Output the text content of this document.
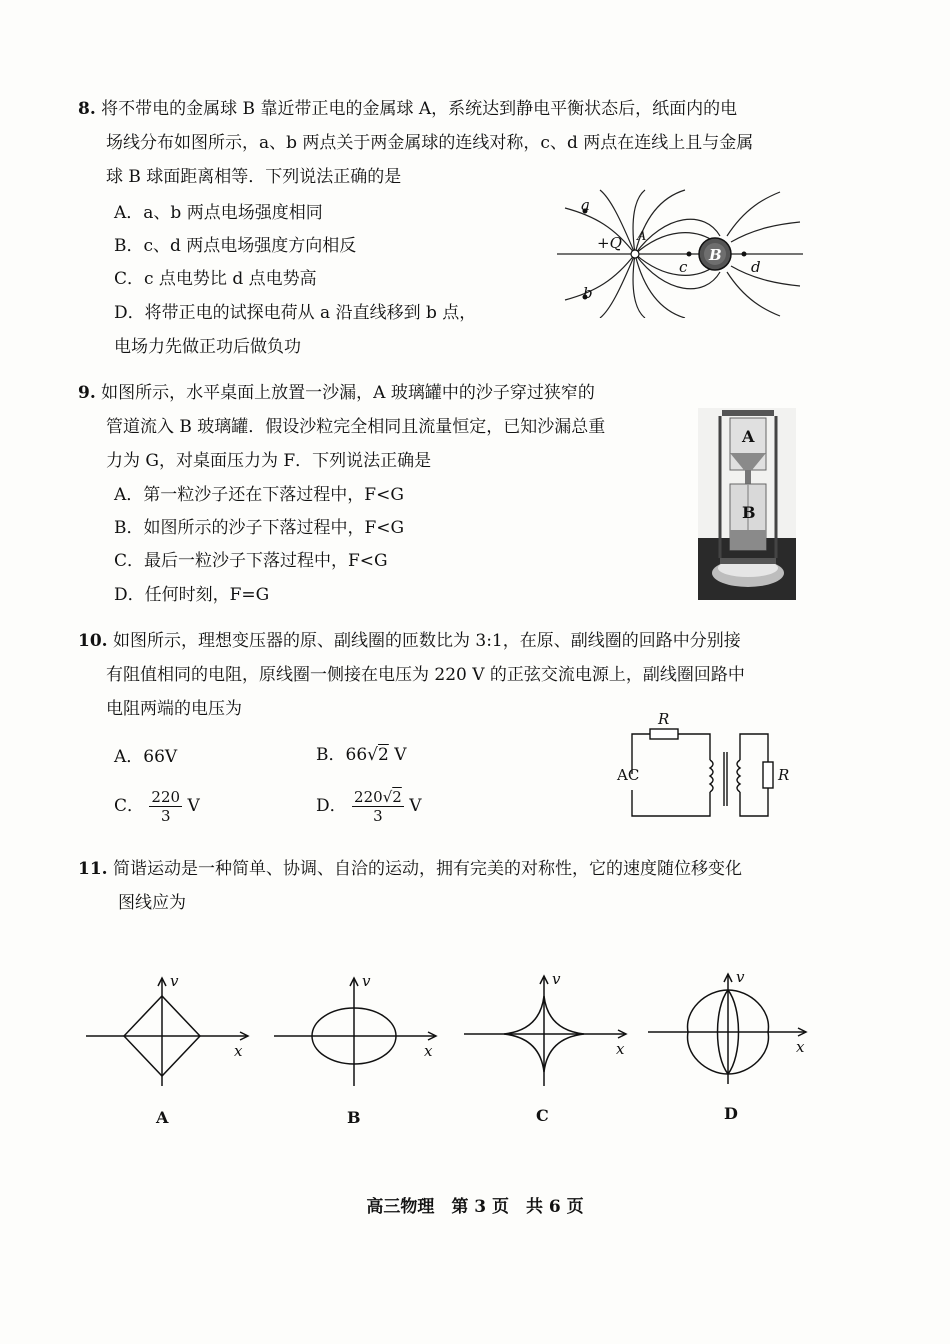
8. 将不带电的金属球 B 靠近带正电的金属球 A，系统达到静电平衡状态后，纸面内的电
场线分布如图所示，a、b 两点关于两金属球的连线对称，c、d 两点在连线上且与金属
球 B 球面距离相等．下列说法正确的是
A．a、b 两点电场强度相同
B．c、d 两点电场强度方向相反
C．c 点电势比 d 点电势高
D．将带正电的试探电荷从 a 沿直线移到 b 点，
电场力先做正功后做负功
a
b
c	d
+Q A
B
9. 如图所示，水平桌面上放置一沙漏，A 玻璃罐中的沙子穿过狭窄的
管道流入 B 玻璃罐．假设沙粒完全相同且流量恒定，已知沙漏总重
力为 G，对桌面压力为 F．下列说法正确是
A．第一粒沙子还在下落过程中，F<G
B．如图所示的沙子下落过程中，F<G
C．最后一粒沙子下落过程中，F<G
D．任何时刻，F=G
A
B
10. 如图所示，理想变压器的原、副线圈的匝数比为 3:1，在原、副线圈的回路中分别接
有阻值相同的电阻，原线圈一侧接在电压为 220 V 的正弦交流电源上，副线圈回路中
电阻两端的电压为
A．66V	B．66√2 V
C． $\frac{220}{3}$ V	D． $\frac{220√2}{3}$ V
R
R
AC
11. 简谐运动是一种简单、协调、自洽的运动，拥有完美的对称性，它的速度随位移变化
图线应为
v
x
A
v
x
B
v
x
C
v
x
D
高三物理　第 3 页　共 6 页
